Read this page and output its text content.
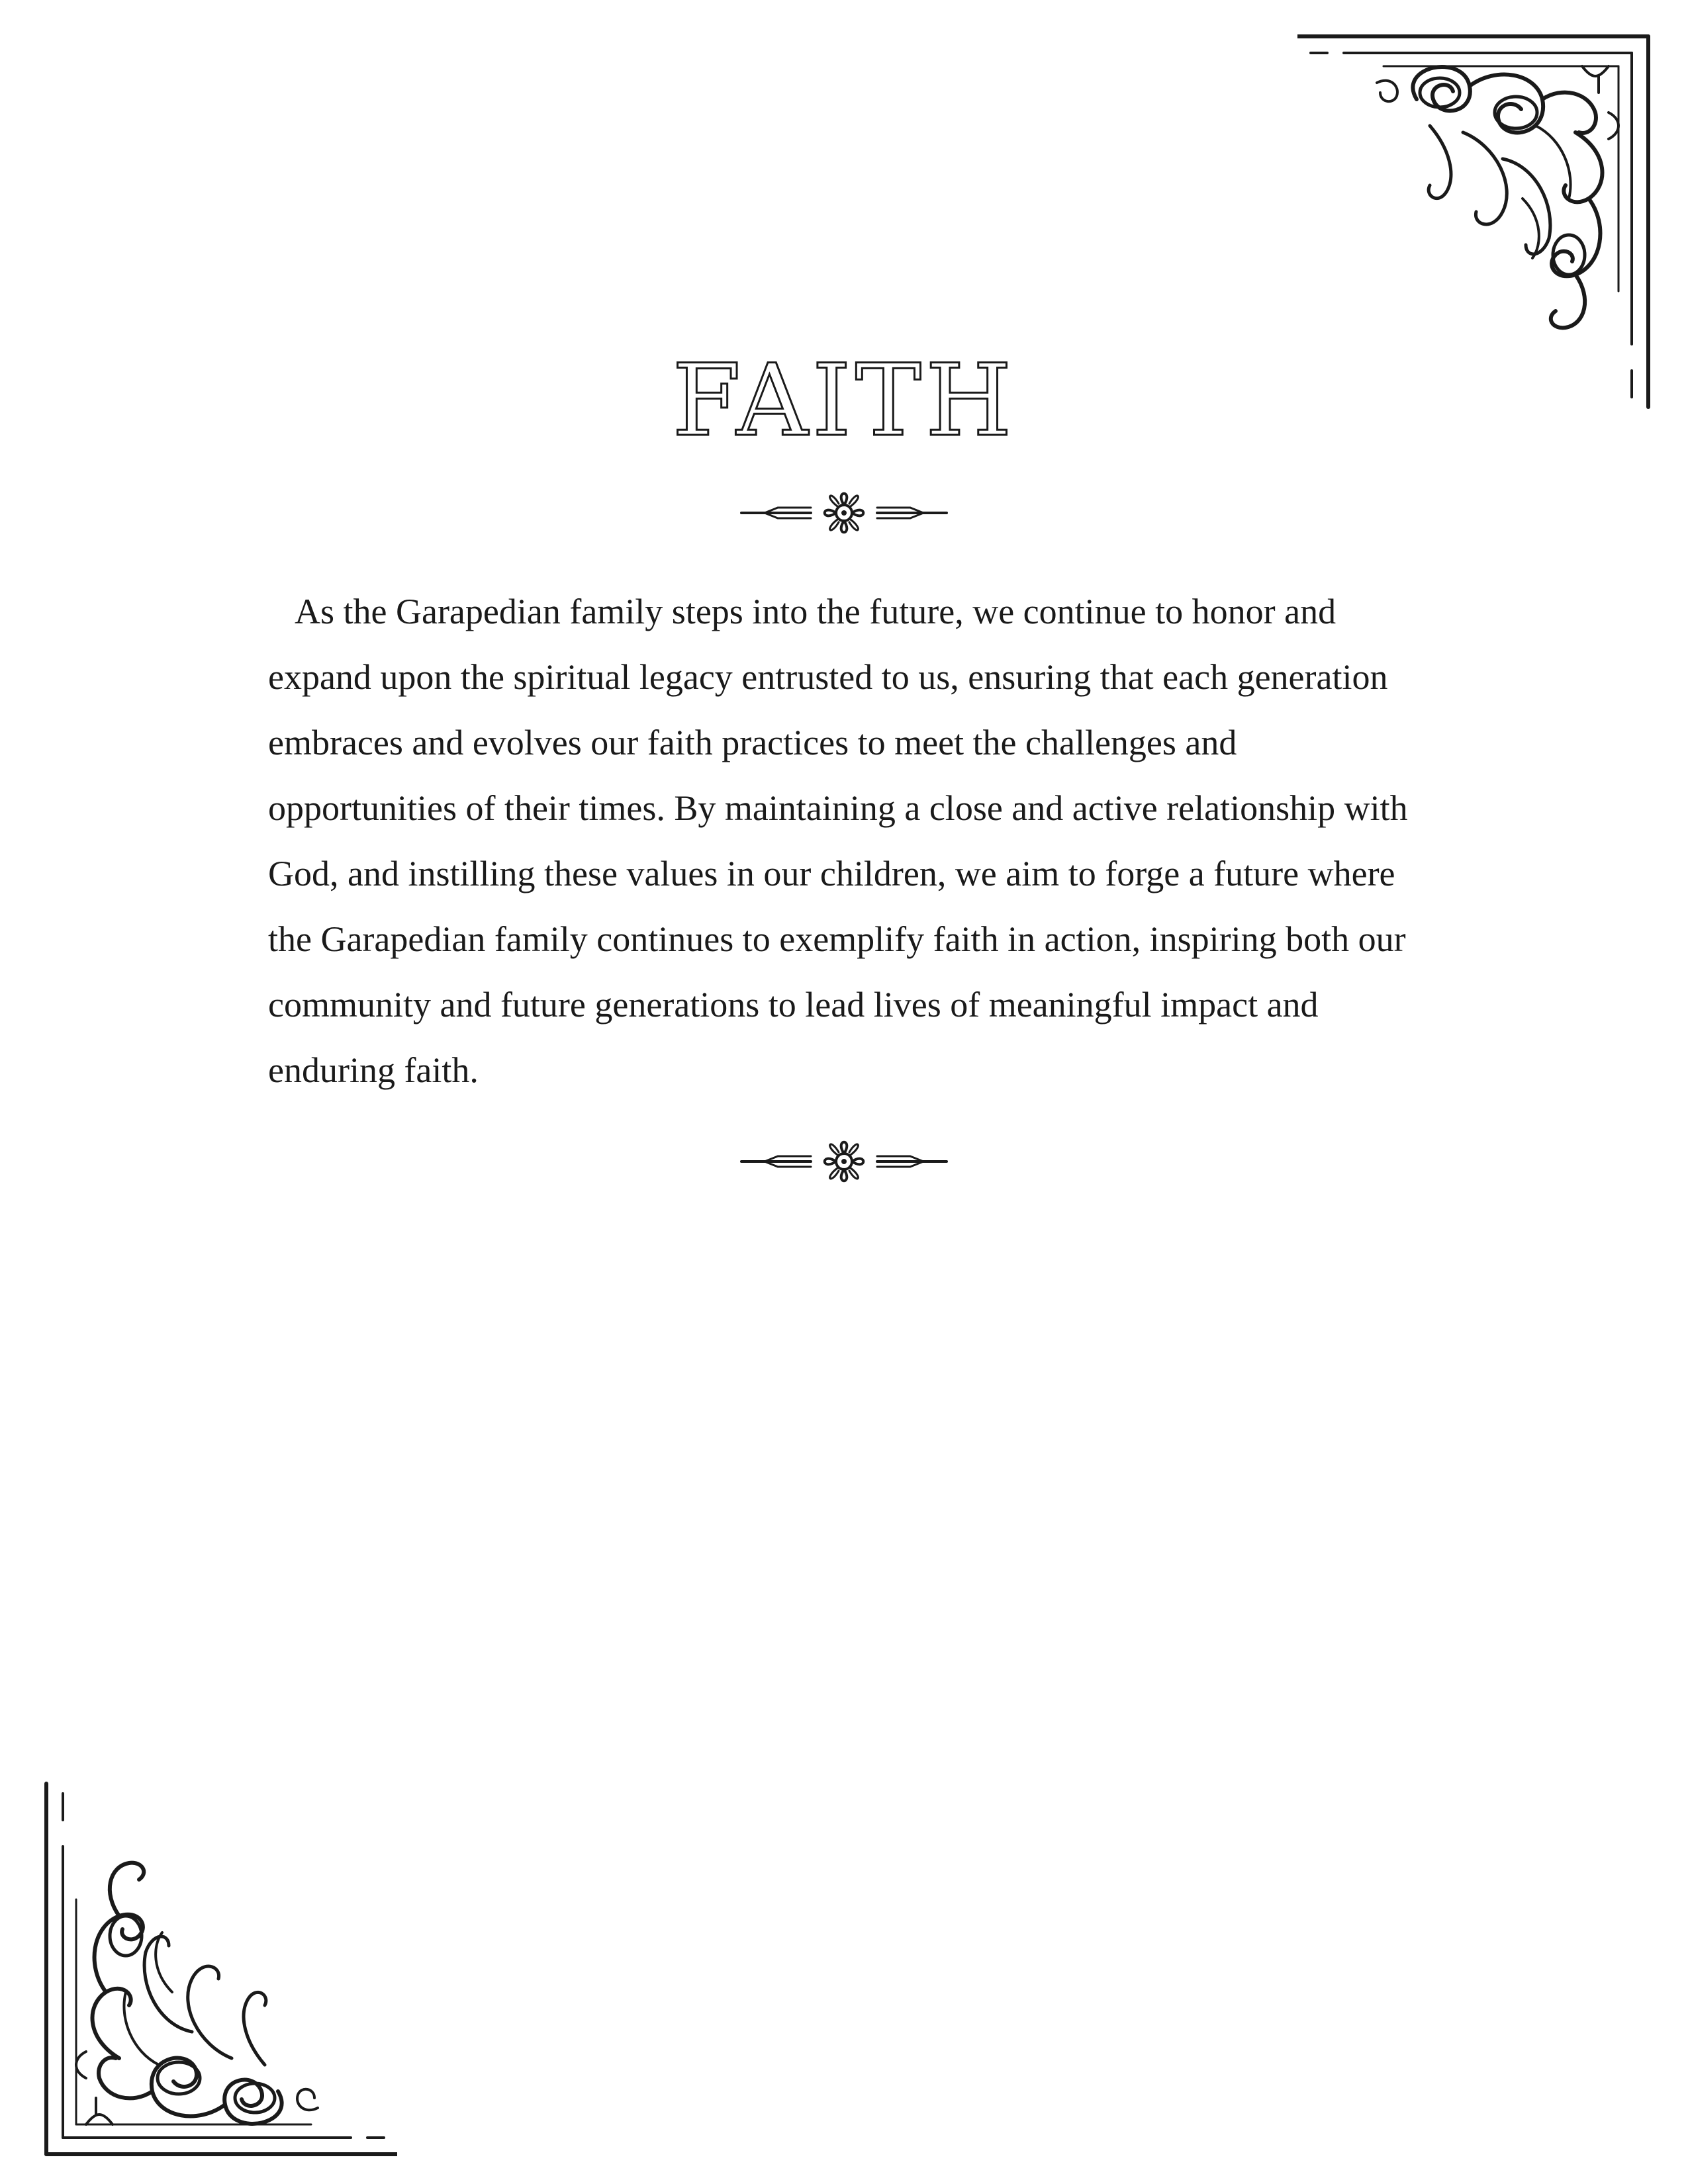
FAITH

As the Garapedian family steps into the future, we continue to honor and expand upon the spiritual legacy entrusted to us, ensuring that each generation embraces and evolves our faith practices to meet the challenges and opportunities of their times. By maintaining a close and active relationship with God, and instilling these values in our children, we aim to forge a future where the Garapedian family continues to exemplify faith in action, inspiring both our community and future generations to lead lives of meaningful impact and enduring faith.
